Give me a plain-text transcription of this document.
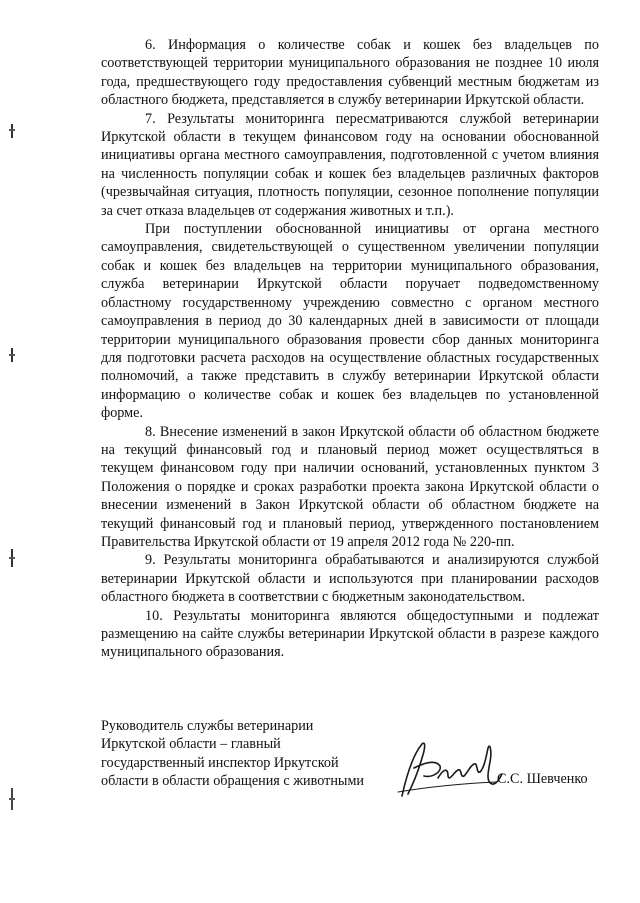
6. Информация о количестве собак и кошек без владельцев по соответствующей территории муниципального образования не позднее 10 июля года, предшествующего году предоставления субвенций местным бюджетам из областного бюджета, представляется в службу ветеринарии Иркутской области.

7. Результаты мониторинга пересматриваются службой ветеринарии Иркутской области в текущем финансовом году на основании обоснованной инициативы органа местного самоуправления, подготовленной с учетом влияния на численность популяции собак и кошек без владельцев различных факторов (чрезвычайная ситуация, плотность популяции, сезонное пополнение популяции за счет отказа владельцев от содержания животных и т.п.).

При поступлении обоснованной инициативы от органа местного самоуправления, свидетельствующей о существенном увеличении популяции собак и кошек без владельцев на территории муниципального образования, служба ветеринарии Иркутской области поручает подведомственному областному государственному учреждению совместно с органом местного самоуправления в период до 30 календарных дней в зависимости от площади территории муниципального образования провести сбор данных мониторинга для подготовки расчета расходов на осуществление областных государственных полномочий, а также представить в службу ветеринарии Иркутской области информацию о количестве собак и кошек без владельцев по установленной форме.

8. Внесение изменений в закон Иркутской области об областном бюджете на текущий финансовый год и плановый период может осуществляться в текущем финансовом году при наличии оснований, установленных пунктом 3 Положения о порядке и сроках разработки проекта закона Иркутской области о внесении изменений в Закон Иркутской области об областном бюджете на текущий финансовый год и плановый период, утвержденного постановлением Правительства Иркутской области от 19 апреля 2012 года № 220-пп.

9. Результаты мониторинга обрабатываются и анализируются службой ветеринарии Иркутской области и используются при планировании расходов областного бюджета в соответствии с бюджетным законодательством.

10. Результаты мониторинга являются общедоступными и подлежат размещению на сайте службы ветеринарии Иркутской области в разрезе каждого муниципального образования.

Руководитель службы ветеринарии
Иркутской области – главный
государственный инспектор Иркутской
области в области обращения с животными	С.С. Шевченко
